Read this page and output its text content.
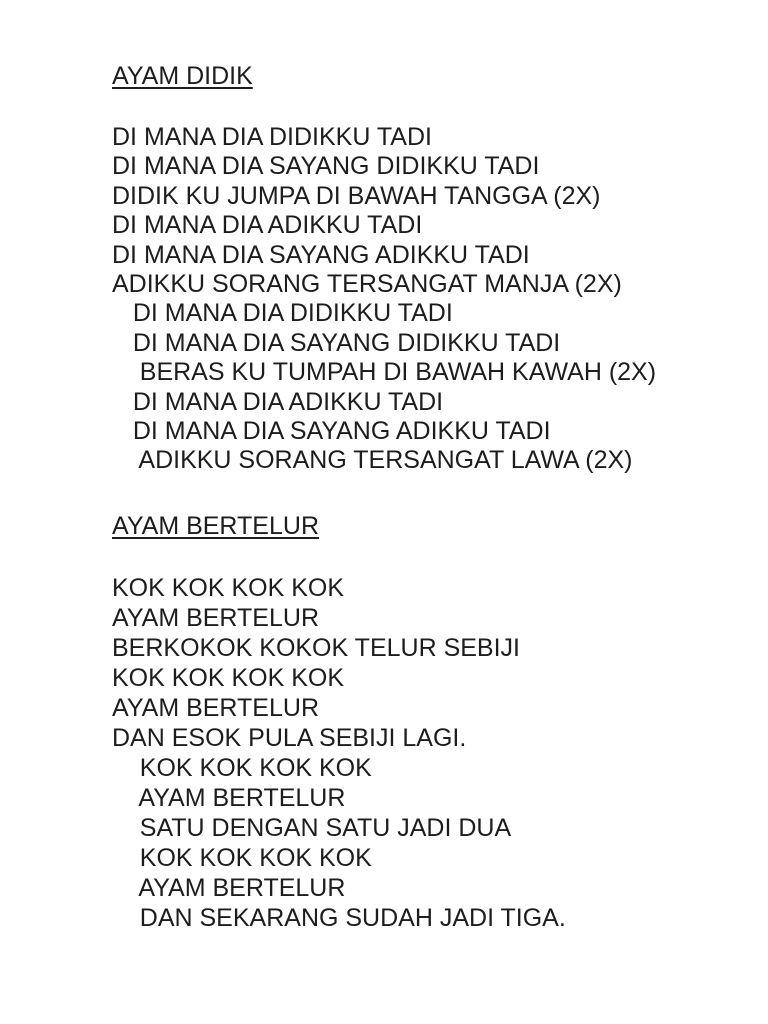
AYAM DIDIK
DI MANA DIA DIDIKKU TADI
DI MANA DIA SAYANG DIDIKKU TADI
DIDIK KU JUMPA DI BAWAH TANGGA (2X)
DI MANA DIA ADIKKU TADI
DI MANA DIA SAYANG ADIKKU TADI
ADIKKU SORANG TERSANGAT MANJA (2X)
DI MANA DIA DIDIKKU TADI
DI MANA DIA SAYANG DIDIKKU TADI
BERAS KU TUMPAH DI BAWAH KAWAH (2X)
DI MANA DIA ADIKKU TADI
DI MANA DIA SAYANG ADIKKU TADI
ADIKKU SORANG TERSANGAT LAWA (2X)
AYAM BERTELUR
KOK KOK KOK KOK
AYAM BERTELUR
BERKOKOK KOKOK TELUR SEBIJI
KOK KOK KOK KOK
AYAM BERTELUR
DAN ESOK PULA SEBIJI LAGI.
KOK KOK KOK KOK
AYAM BERTELUR
SATU DENGAN SATU JADI DUA
KOK KOK KOK KOK
AYAM BERTELUR
DAN SEKARANG SUDAH JADI TIGA.
